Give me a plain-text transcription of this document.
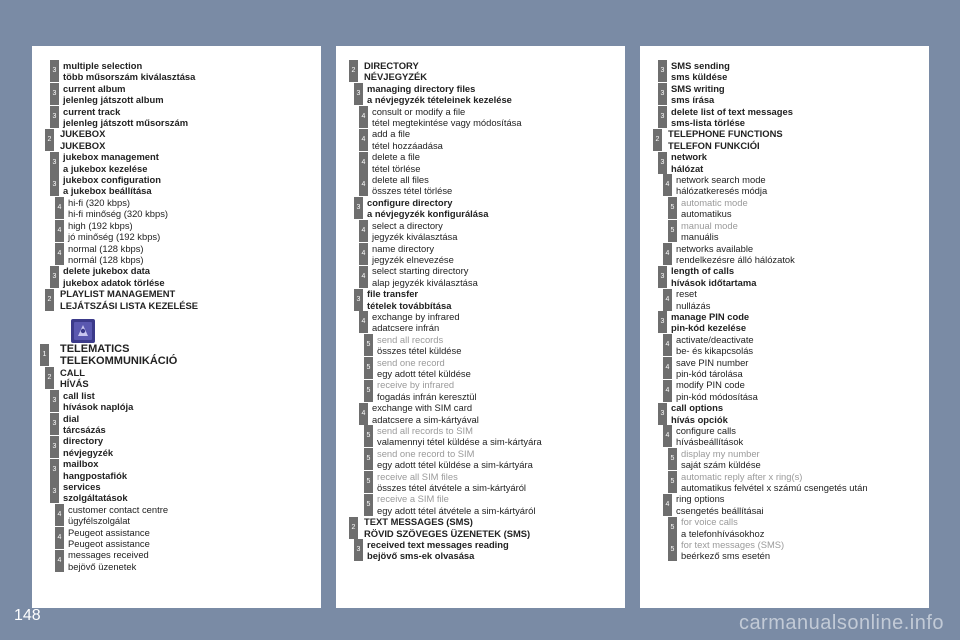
3 multiple selection
több műsorszám kiválasztása
3 current album
jelenleg játszott album
3 current track
jelenleg játszott műsorszám
2 JUKEBOX
JUKEBOX
3 jukebox management
a jukebox kezelése
3 jukebox configuration
a jukebox beállítása
4 hi-fi (320 kbps)
hi-fi minőség (320 kbps)
4 high (192 kbps)
jó minőség (192 kbps)
4 normal (128 kbps)
normál (128 kbps)
3 delete jukebox data
jukebox adatok törlése
2 PLAYLIST MANAGEMENT
LEJÁTSZÁSI LISTA KEZELÉSE
1 TELEMATICS
TELEKOMMUNIKÁCIÓ
2 CALL
HÍVÁS
3 call list
hívások naplója
3 dial
tárcsázás
3 directory
névjegyzék
3 mailbox
hangpostafiók
3 services
szolgáltatások
4 customer contact centre
ügyfélszolgálat
4 Peugeot assistance
Peugeot assistance
4 messages received
bejövő üzenetek
2 DIRECTORY
NÉVJEGYZÉK
3 managing directory files
a névjegyzék tételeinek kezelése
4 consult or modify a file
tétel megtekintése vagy módosítása
4 add a file
tétel hozzáadása
4 delete a file
tétel törlése
4 delete all files
összes tétel törlése
3 configure directory
a névjegyzék konfigurálása
4 select a directory
jegyzék kiválasztása
4 name directory
jegyzék elnevezése
4 select starting directory
alap jegyzék kiválasztása
3 file transfer
tételek továbbítása
4 exchange by infrared
adatcsere infrán
5 send all records
összes tétel küldése
5 send one record
egy adott tétel küldése
5 receive by infrared
fogadás infrán keresztül
4 exchange with SIM card
adatcsere a sim-kártyával
5 send all records to SIM
valamennyi tétel küldése a sim-kártyára
5 send one record to SIM
egy adott tétel küldése a sim-kártyára
5 receive all SIM files
összes tétel átvétele a sim-kártyáról
5 receive a SIM file
egy adott tétel átvétele a sim-kártyáról
2 TEXT MESSAGES (SMS)
RÖVID SZÖVEGES ÜZENETEK (SMS)
3 received text messages reading
bejövő sms-ek olvasása
3 SMS sending
sms küldése
3 SMS writing
sms írása
3 delete list of text messages
sms-lista törlése
2 TELEPHONE FUNCTIONS
TELEFON FUNKCIÓI
3 network
hálózat
4 network search mode
hálózatkeresés módja
5 automatic mode
automatikus
5 manual mode
manuális
4 networks available
rendelkezésre álló hálózatok
3 length of calls
hívások időtartama
4 reset
nullázás
3 manage PIN code
pin-kód kezelése
4 activate/deactivate
be- és kikapcsolás
4 save PIN number
pin-kód tárolása
4 modify PIN code
pin-kód módosítása
3 call options
hívás opciók
4 configure calls
hívásbeállítások
5 display my number
saját szám küldése
5 automatic reply after x ring(s)
automatikus felvétel x számú csengetés után
4 ring options
csengetés beállításai
5 for voice calls
a telefonhívásokhoz
5 for text messages (SMS)
beérkező sms esetén
148	carmanualsonline.info
